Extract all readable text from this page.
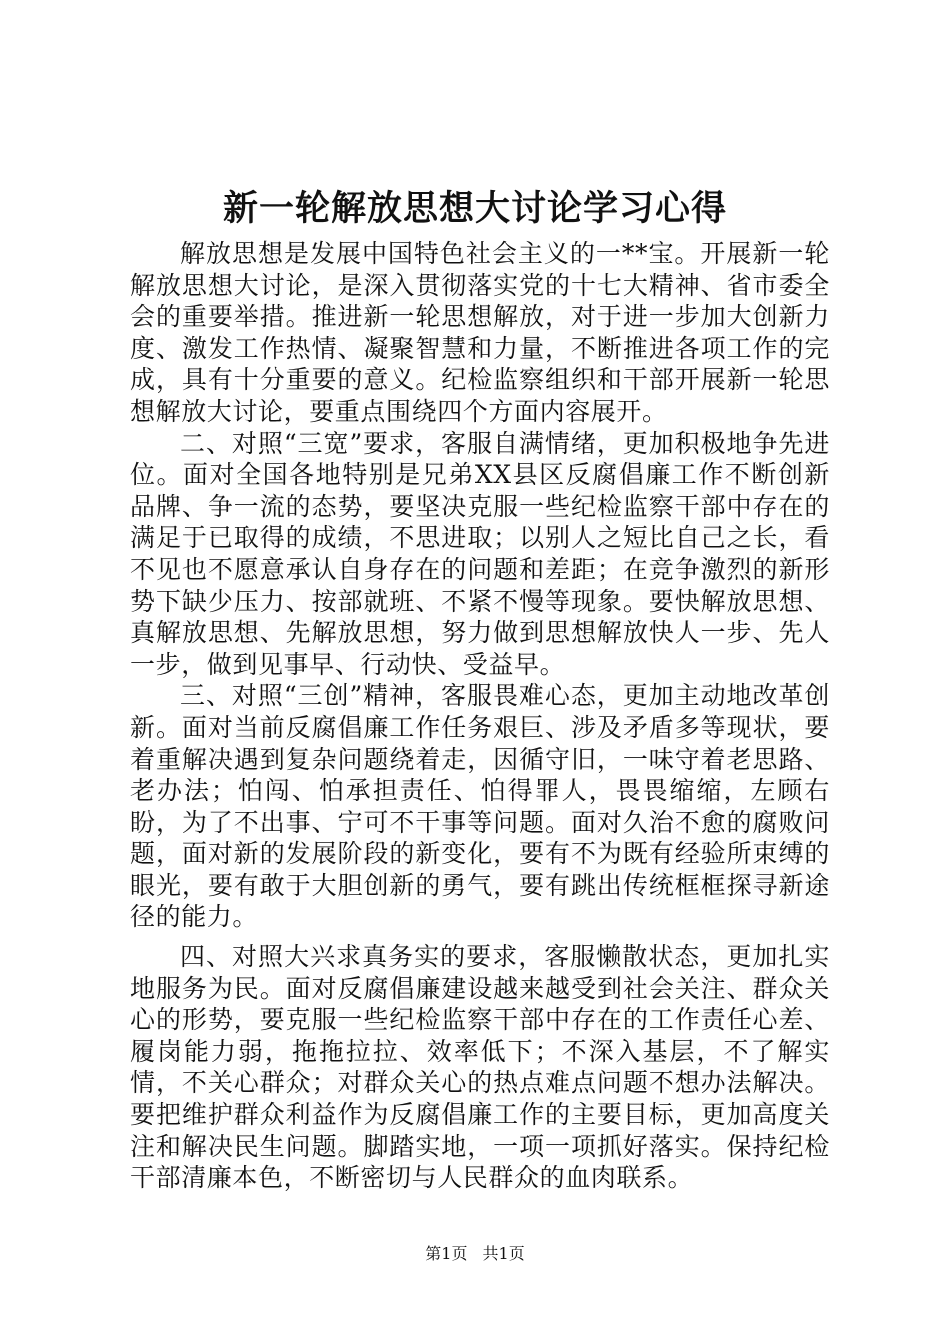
新一轮解放思想大讨论学习心得

解放思想是发展中国特色社会主义的一**宝。开展新一轮解放思想大讨论，是深入贯彻落实党的十七大精神、省市委全会的重要举措。推进新一轮思想解放，对于进一步加大创新力度、激发工作热情、凝聚智慧和力量，不断推进各项工作的完成，具有十分重要的意义。纪检监察组织和干部开展新一轮思想解放大讨论，要重点围绕四个方面内容展开。

二、对照“三宽”要求，客服自满情绪，更加积极地争先进位。面对全国各地特别是兄弟XX县区反腐倡廉工作不断创新品牌、争一流的态势，要坚决克服一些纪检监察干部中存在的满足于已取得的成绩，不思进取；以别人之短比自己之长，看不见也不愿意承认自身存在的问题和差距；在竞争激烈的新形势下缺少压力、按部就班、不紧不慢等现象。要快解放思想、真解放思想、先解放思想，努力做到思想解放快人一步、先人一步，做到见事早、行动快、受益早。

三、对照“三创”精神，客服畏难心态，更加主动地改革创新。面对当前反腐倡廉工作任务艰巨、涉及矛盾多等现状，要着重解决遇到复杂问题绕着走，因循守旧，一味守着老思路、老办法；怕闯、怕承担责任、怕得罪人，畏畏缩缩，左顾右盼，为了不出事、宁可不干事等问题。面对久治不愈的腐败问题，面对新的发展阶段的新变化，要有不为既有经验所束缚的眼光，要有敢于大胆创新的勇气，要有跳出传统框框探寻新途径的能力。

四、对照大兴求真务实的要求，客服懒散状态，更加扎实地服务为民。面对反腐倡廉建设越来越受到社会关注、群众关心的形势，要克服一些纪检监察干部中存在的工作责任心差、履岗能力弱，拖拖拉拉、效率低下；不深入基层，不了解实情，不关心群众；对群众关心的热点难点问题不想办法解决。要把维护群众利益作为反腐倡廉工作的主要目标，更加高度关注和解决民生问题。脚踏实地，一项一项抓好落实。保持纪检干部清廉本色，不断密切与人民群众的血肉联系。

第1页 共1页
